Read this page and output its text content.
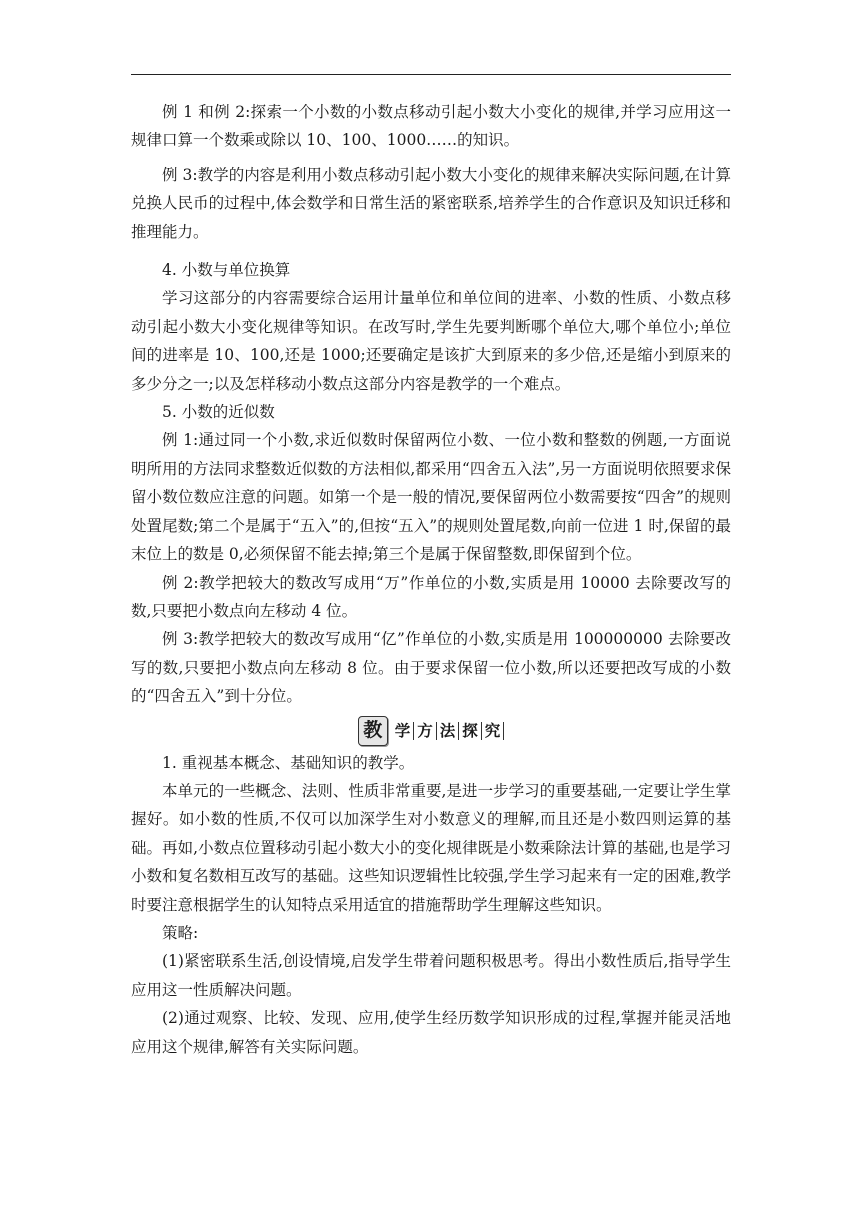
例 1 和例 2:探索一个小数的小数点移动引起小数大小变化的规律,并学习应用这一规律口算一个数乘或除以 10、100、1000……的知识。

例 3:教学的内容是利用小数点移动引起小数大小变化的规律来解决实际问题,在计算兑换人民币的过程中,体会数学和日常生活的紧密联系,培养学生的合作意识及知识迁移和推理能力。

4. 小数与单位换算

学习这部分的内容需要综合运用计量单位和单位间的进率、小数的性质、小数点移动引起小数大小变化规律等知识。在改写时,学生先要判断哪个单位大,哪个单位小;单位间的进率是 10、100,还是 1000;还要确定是该扩大到原来的多少倍,还是缩小到原来的多少分之一;以及怎样移动小数点这部分内容是教学的一个难点。

5. 小数的近似数

例 1:通过同一个小数,求近似数时保留两位小数、一位小数和整数的例题,一方面说明所用的方法同求整数近似数的方法相似,都采用“四舍五入法”,另一方面说明依照要求保留小数位数应注意的问题。如第一个是一般的情况,要保留两位小数需要按“四舍”的规则处置尾数;第二个是属于“五入”的,但按“五入”的规则处置尾数,向前一位进 1 时,保留的最末位上的数是 0,必须保留不能去掉;第三个是属于保留整数,即保留到个位。

例 2:教学把较大的数改写成用“万”作单位的小数,实质是用 10000 去除要改写的数,只要把小数点向左移动 4 位。

例 3:教学把较大的数改写成用“亿”作单位的小数,实质是用 100000000 去除要改写的数,只要把小数点向左移动 8 位。由于要求保留一位小数,所以还要把改写成的小数的“四舍五入”到十分位。

教 学 方 法 探 究

1. 重视基本概念、基础知识的教学。

本单元的一些概念、法则、性质非常重要,是进一步学习的重要基础,一定要让学生掌握好。如小数的性质,不仅可以加深学生对小数意义的理解,而且还是小数四则运算的基础。再如,小数点位置移动引起小数大小的变化规律既是小数乘除法计算的基础,也是学习小数和复名数相互改写的基础。这些知识逻辑性比较强,学生学习起来有一定的困难,教学时要注意根据学生的认知特点采用适宜的措施帮助学生理解这些知识。

策略:

(1)紧密联系生活,创设情境,启发学生带着问题积极思考。得出小数性质后,指导学生应用这一性质解决问题。

(2)通过观察、比较、发现、应用,使学生经历数学知识形成的过程,掌握并能灵活地应用这个规律,解答有关实际问题。
